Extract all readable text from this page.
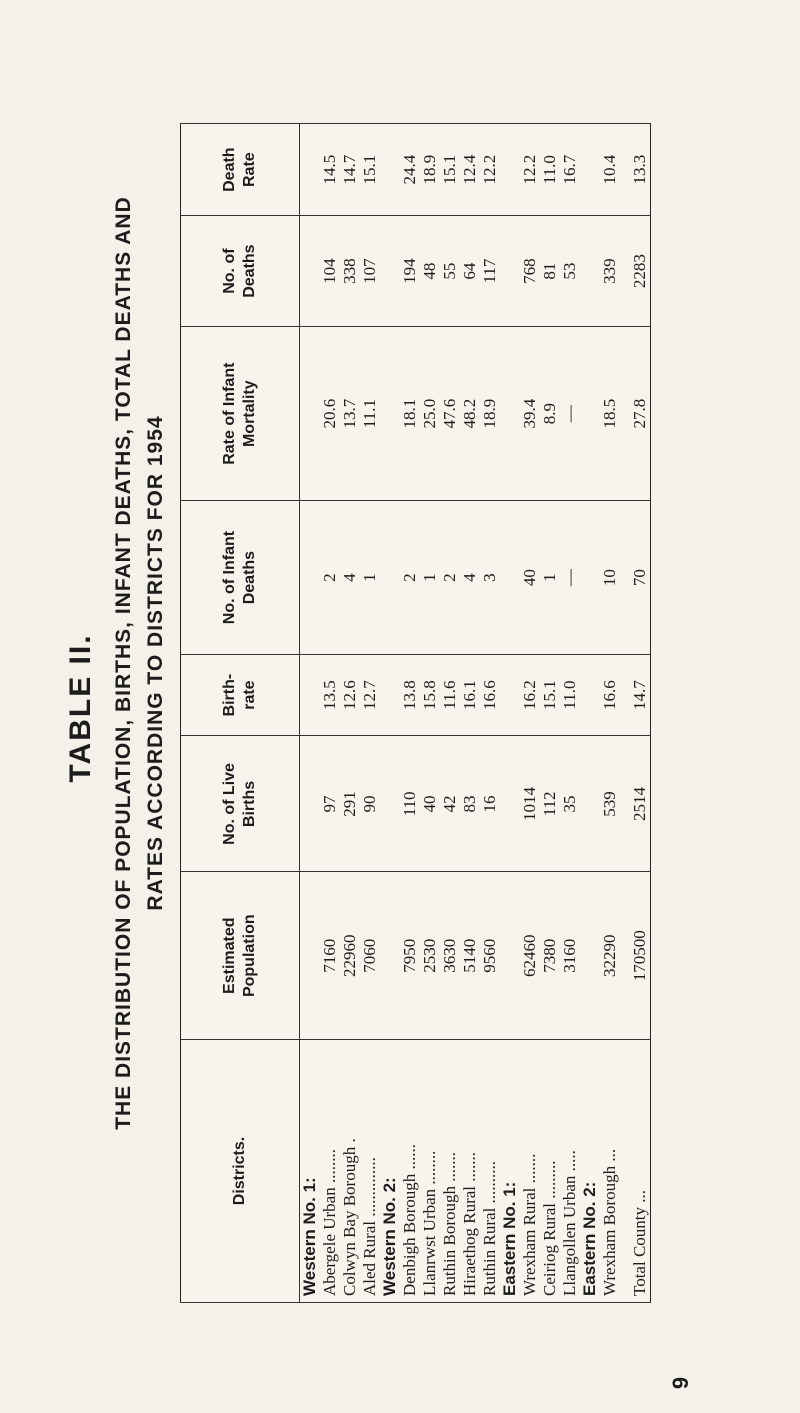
TABLE II. THE DISTRIBUTION OF POPULATION, BIRTHS, INFANT DEATHS, TOTAL DEATHS AND RATES ACCORDING TO DISTRICTS FOR 1954
Districts.	Estimated Population	No. of Live Births	Birth-rate	No. of Infant Deaths	Rate of Infant Mortality	No. of Deaths	Death Rate
Western No. 1:							
Abergele Urban ........	7160	97	13.5	2	20.6	104	14.5
Colwyn Bay Borough .	22960	291	12.6	4	13.7	338	14.7
Aled Rural ..............	7060	90	12.7	1	11.1	107	15.1
Western No. 2:							
Denbigh Borough ......	7950	110	13.8	2	18.1	194	24.4
Llanrwst Urban ........	2530	40	15.8	1	25.0	48	18.9
Ruthin Borough .......	3630	42	11.6	2	47.6	55	15.1
Hiraethog Rural .......	5140	83	16.1	4	48.2	64	12.4
Ruthin Rural ..........	9560	16	16.6	3	18.9	117	12.2
Eastern No. 1:							
Wrexham Rural .......	62460	1014	16.2	40	39.4	768	12.2
Ceiriog Rural .........	7380	112	15.1	1	8.9	81	11.0
Llangollen Urban .....	3160	35	11.0	—	—	53	16.7
Eastern No. 2:							
Wrexham Borough ...	32290	539	16.6	10	18.5	339	10.4
Total County ...	170500	2514	14.7	70	27.8	2283	13.3
9
